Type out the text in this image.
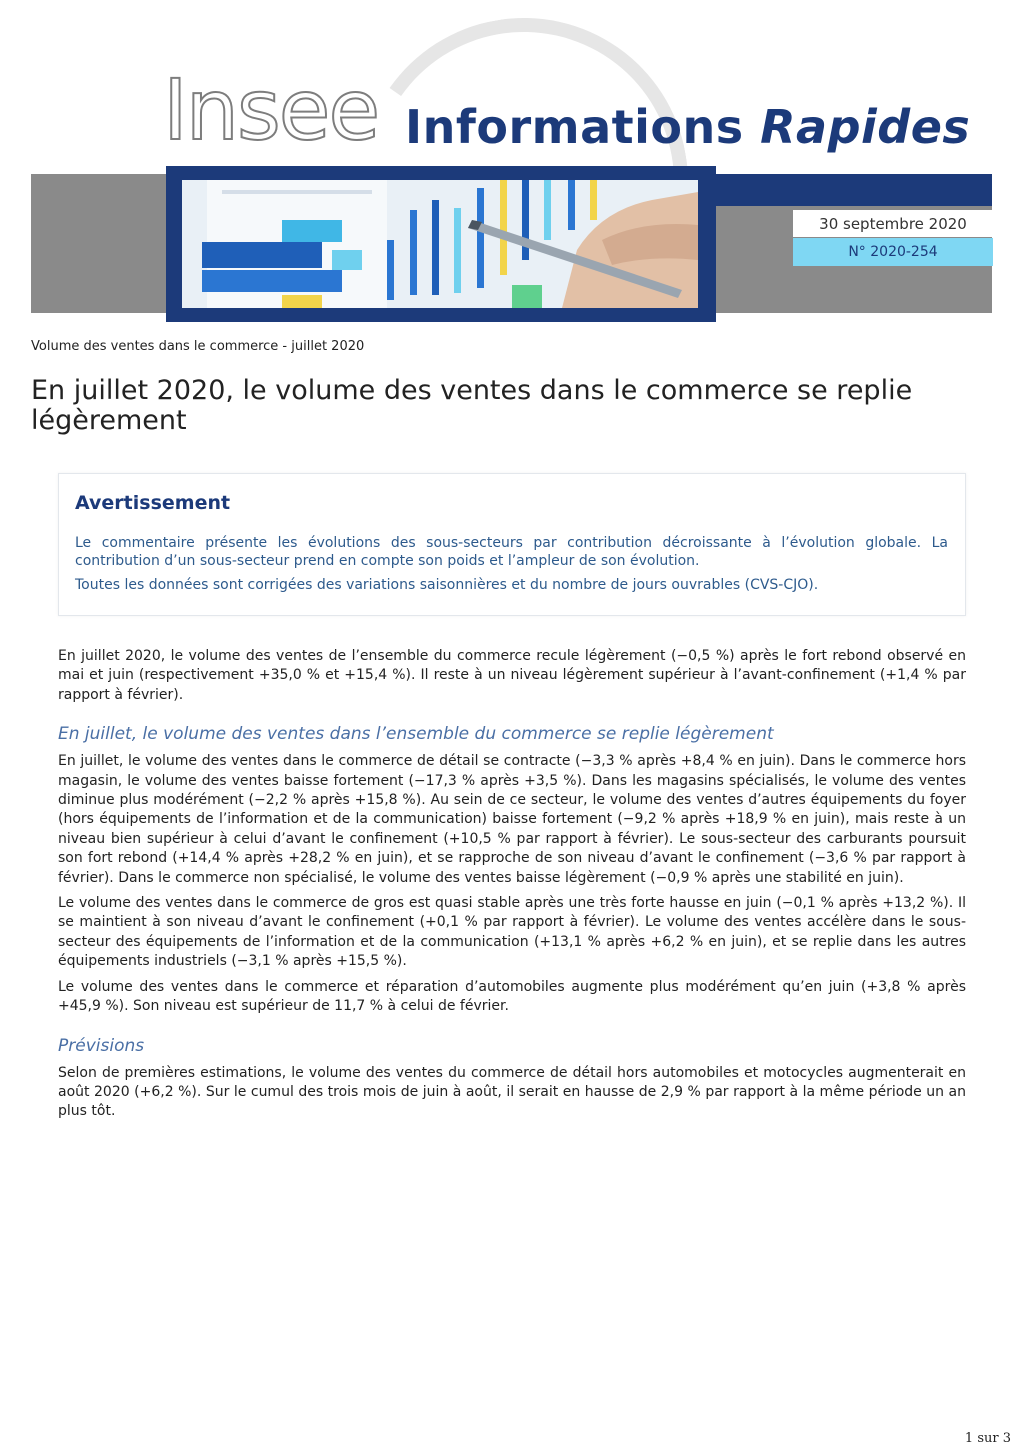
Insee Informations Rapides
30 septembre 2020
N° 2020-254
Volume des ventes dans le commerce - juillet 2020
En juillet 2020, le volume des ventes dans le commerce se replie légèrement
Avertissement

Le commentaire présente les évolutions des sous-secteurs par contribution décroissante à l’évolution globale. La contribution d’un sous-secteur prend en compte son poids et l’ampleur de son évolution.

Toutes les données sont corrigées des variations saisonnières et du nombre de jours ouvrables (CVS-CJO).

En juillet 2020, le volume des ventes de l’ensemble du commerce recule légèrement (−0,5 %) après le fort rebond observé en mai et juin (respectivement +35,0 % et +15,4 %). Il reste à un niveau légèrement supérieur à l’avant-confinement (+1,4 % par rapport à février).

En juillet, le volume des ventes dans l’ensemble du commerce se replie légèrement

En juillet, le volume des ventes dans le commerce de détail se contracte (−3,3 % après +8,4 % en juin). Dans le commerce hors magasin, le volume des ventes baisse fortement (−17,3 % après +3,5 %). Dans les magasins spécialisés, le volume des ventes diminue plus modérément (−2,2 % après +15,8 %). Au sein de ce secteur, le volume des ventes d’autres équipements du foyer (hors équipements de l’information et de la communication) baisse fortement (−9,2 % après +18,9 % en juin), mais reste à un niveau bien supérieur à celui d’avant le confinement (+10,5 % par rapport à février). Le sous-secteur des carburants poursuit son fort rebond (+14,4 % après +28,2 % en juin), et se rapproche de son niveau d’avant le confinement (−3,6 % par rapport à février). Dans le commerce non spécialisé, le volume des ventes baisse légèrement (−0,9 % après une stabilité en juin).

Le volume des ventes dans le commerce de gros est quasi stable après une très forte hausse en juin (−0,1 % après +13,2 %). Il se maintient à son niveau d’avant le confinement (+0,1 % par rapport à février). Le volume des ventes accélère dans le sous-secteur des équipements de l’information et de la communication (+13,1 % après +6,2 % en juin), et se replie dans les autres équipements industriels (−3,1 % après +15,5 %).

Le volume des ventes dans le commerce et réparation d’automobiles augmente plus modérément qu’en juin (+3,8 % après +45,9 %). Son niveau est supérieur de 11,7 % à celui de février.

Prévisions

Selon de premières estimations, le volume des ventes du commerce de détail hors automobiles et motocycles augmenterait en août 2020 (+6,2 %). Sur le cumul des trois mois de juin à août, il serait en hausse de 2,9 % par rapport à la même période un an plus tôt.

1 sur 3
